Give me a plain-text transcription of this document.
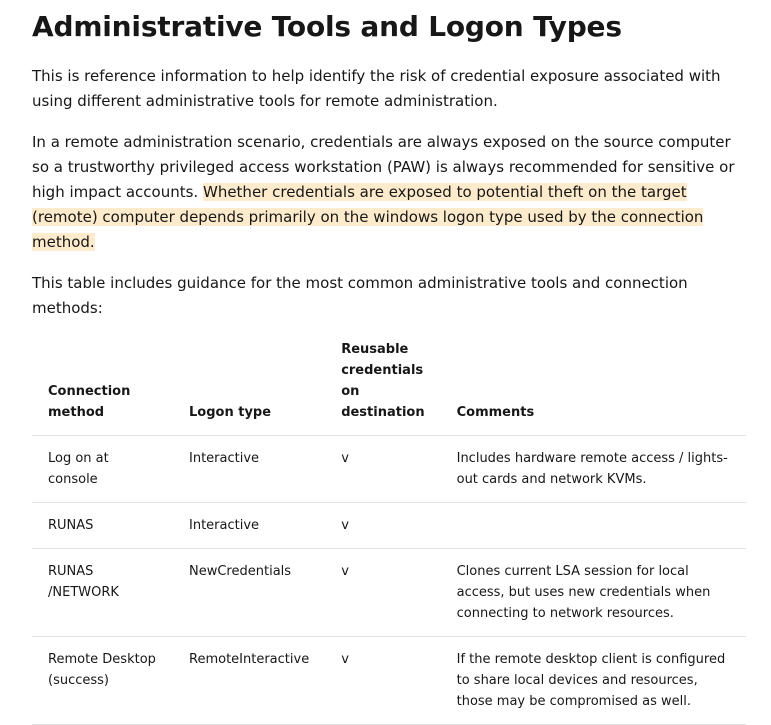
Administrative Tools and Logon Types

This is reference information to help identify the risk of credential exposure associated with using different administrative tools for remote administration.

In a remote administration scenario, credentials are always exposed on the source computer so a trustworthy privileged access workstation (PAW) is always recommended for sensitive or high impact accounts. Whether credentials are exposed to potential theft on the target (remote) computer depends primarily on the windows logon type used by the connection method.

This table includes guidance for the most common administrative tools and connection methods:

Connection method	Logon type	Reusable credentials on destination	Comments
Log on at console	Interactive	v	Includes hardware remote access / lights-out cards and network KVMs.
RUNAS	Interactive	v	
RUNAS /NETWORK	NewCredentials	v	Clones current LSA session for local access, but uses new credentials when connecting to network resources.
Remote Desktop (success)	RemoteInteractive	v	If the remote desktop client is configured to share local devices and resources, those may be compromised as well.
